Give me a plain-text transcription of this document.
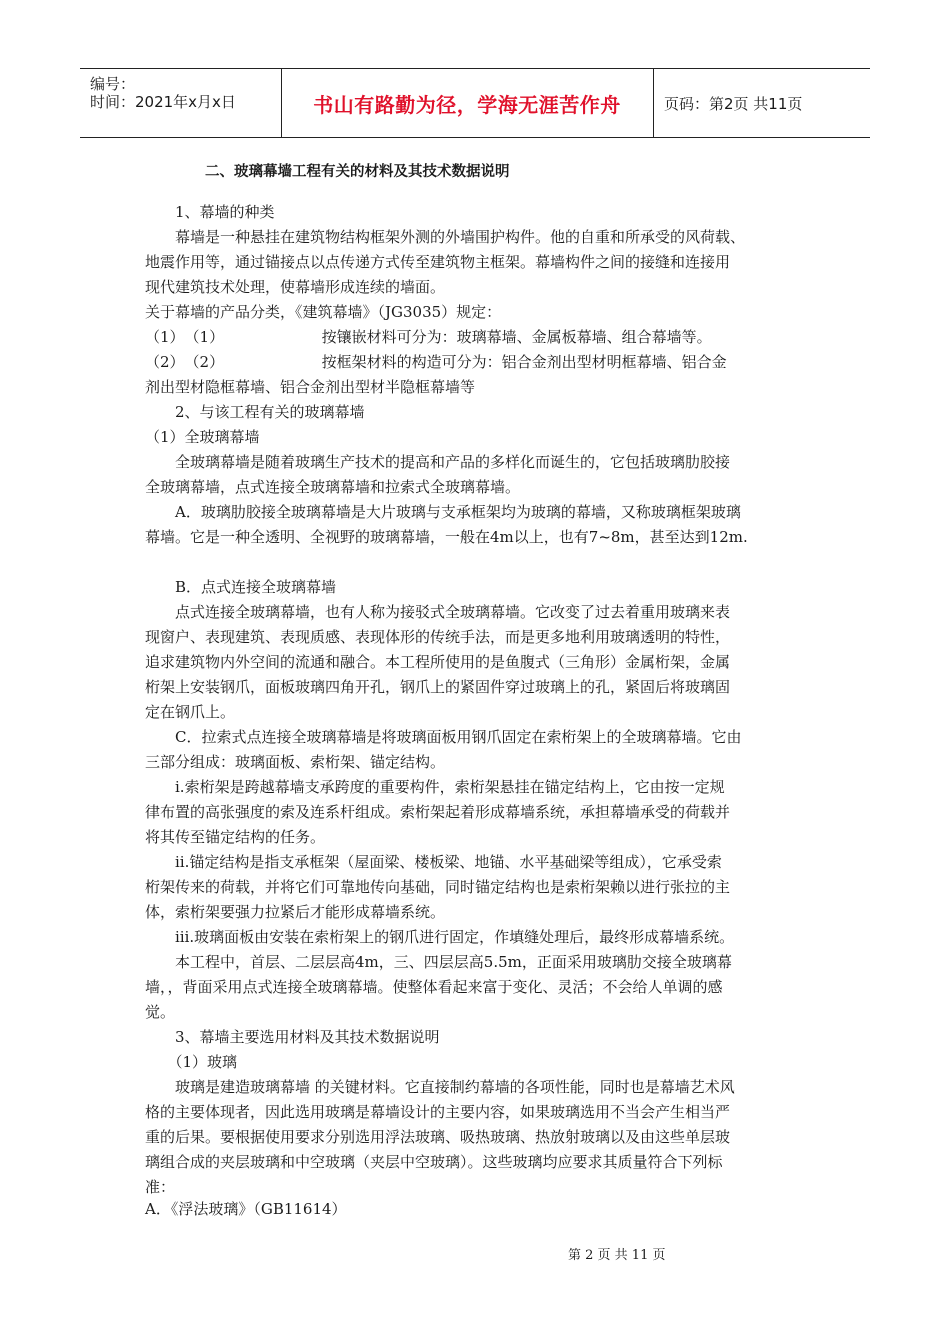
编号：
时间：2021年x月x日	书山有路勤为径，学海无涯苦作舟	页码：第2页 共11页
二、玻璃幕墙工程有关的材料及其技术数据说明
　　1、幕墙的种类
　　幕墙是一种悬挂在建筑物结构框架外测的外墙围护构件。他的自重和所承受的风荷载、
地震作用等，通过锚接点以点传递方式传至建筑物主框架。幕墙构件之间的接缝和连接用
现代建筑技术处理，使幕墙形成连续的墙面。
关于幕墙的产品分类，《建筑幕墙》（JG3035）规定：
（1）　（1）　　　　　　　按镶嵌材料可分为：玻璃幕墙、金属板幕墙、组合幕墙等。
（2）　（2）　　　　　　　按框架材料的构造可分为：铝合金剂出型材明框幕墙、铝合金
剂出型材隐框幕墙、铝合金剂出型材半隐框幕墙等
　　2、与该工程有关的玻璃幕墙
（1）全玻璃幕墙
　　全玻璃幕墙是随着玻璃生产技术的提高和产品的多样化而诞生的，它包括玻璃肋胶接
全玻璃幕墙，点式连接全玻璃幕墙和拉索式全玻璃幕墙。
　　A．玻璃肋胶接全玻璃幕墙是大片玻璃与支承框架均为玻璃的幕墙，又称玻璃框架玻璃
幕墙。它是一种全透明、全视野的玻璃幕墙，一般在4m以上，也有7~8m，甚至达到12m.
　　B．点式连接全玻璃幕墙
　　点式连接全玻璃幕墙，也有人称为接驳式全玻璃幕墙。它改变了过去着重用玻璃来表
现窗户、表现建筑、表现质感、表现体形的传统手法，而是更多地利用玻璃透明的特性，
追求建筑物内外空间的流通和融合。本工程所使用的是鱼腹式（三角形）金属桁架，金属
桁架上安装钢爪，面板玻璃四角开孔，钢爪上的紧固件穿过玻璃上的孔，紧固后将玻璃固
定在钢爪上。
　　C．拉索式点连接全玻璃幕墙是将玻璃面板用钢爪固定在索桁架上的全玻璃幕墙。它由
三部分组成：玻璃面板、索桁架、锚定结构。
　　ⅰ.索桁架是跨越幕墙支承跨度的重要构件，索桁架悬挂在锚定结构上，它由按一定规
律布置的高张强度的索及连系杆组成。索桁架起着形成幕墙系统，承担幕墙承受的荷载并
将其传至锚定结构的任务。
　　ⅱ.锚定结构是指支承框架（屋面梁、楼板梁、地锚、水平基础梁等组成），它承受索
桁架传来的荷载，并将它们可靠地传向基础，同时锚定结构也是索桁架赖以进行张拉的主
体，索桁架要强力拉紧后才能形成幕墙系统。
　　ⅲ.玻璃面板由安装在索桁架上的钢爪进行固定，作填缝处理后，最终形成幕墙系统。
　　本工程中，首层、二层层高4m，三、四层层高5.5m，正面采用玻璃肋交接全玻璃幕
墙，，背面采用点式连接全玻璃幕墙。使整体看起来富于变化、灵活；不会给人单调的感
觉。
　　3、幕墙主要选用材料及其技术数据说明
　　（1）玻璃
　　玻璃是建造玻璃幕墙 的关键材料。它直接制约幕墙的各项性能，同时也是幕墙艺术风
格的主要体现者，因此选用玻璃是幕墙设计的主要内容，如果玻璃选用不当会产生相当严
重的后果。要根据使用要求分别选用浮法玻璃、吸热玻璃、热放射玻璃以及由这些单层玻
璃组合成的夹层玻璃和中空玻璃（夹层中空玻璃）。这些玻璃均应要求其质量符合下列标
准：
A．《浮法玻璃》（GB11614）
第 2 页 共 11 页
